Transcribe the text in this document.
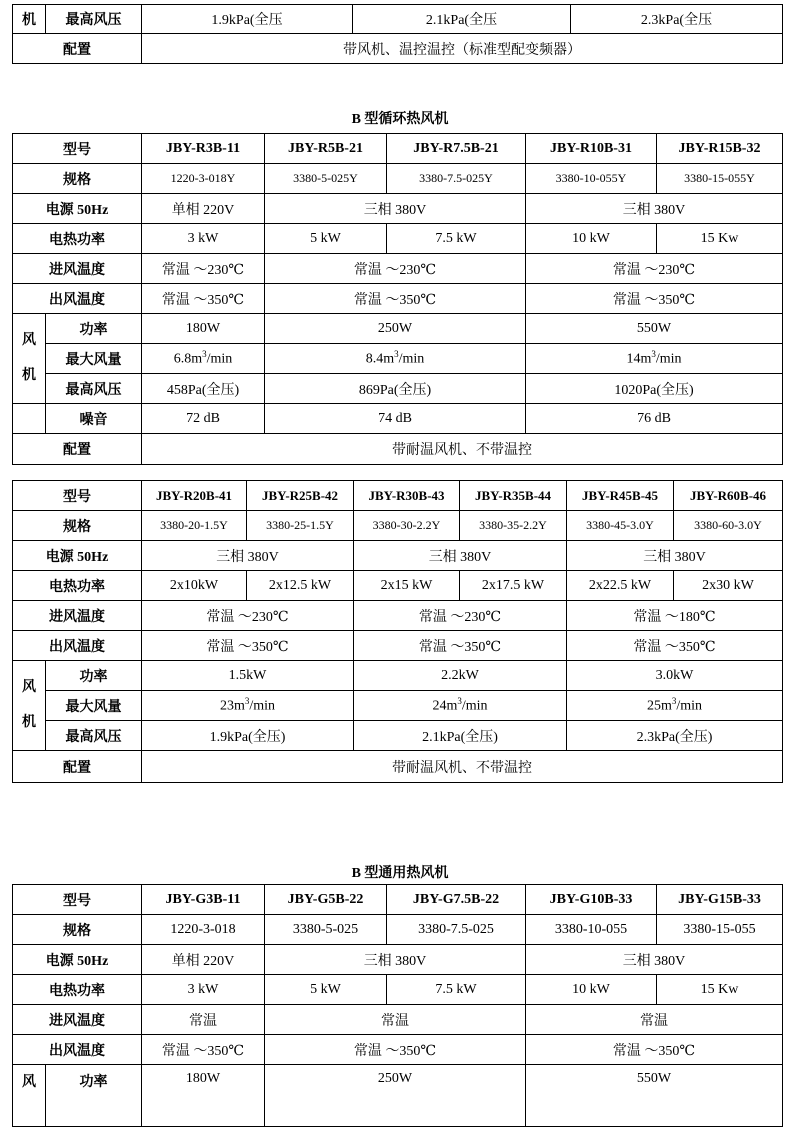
机	最高风压	1.9kPa(全压	2.1kPa(全压	2.3kPa(全压
配置		带风机、温控温控（标准型配变频器）		
B 型循环热风机
型号		JBY-R3B-11	JBY-R5B-21	JBY-R7.5B-21	JBY-R10B-31	JBY-R15B-32
规格		1220-3-018Y	3380-5-025Y	3380-7.5-025Y	3380-10-055Y	3380-15-055Y
电源 50Hz		单相 220V	三相 380V		三相 380V	
电热功率		3 kW	5 kW	7.5 kW	10 kW	15 Kw
进风温度		常温 ～230℃	常温 ～230℃		常温 ～230℃	
出风温度		常温 ～350℃	常温 ～350℃		常温 ～350℃	
风

机	功率	180W	250W		550W	
	最大风量	$6.8m^3/\min$	$8.4m^3/\min$		$14m^3/\min$	
	最高风压	458Pa(全压)	869Pa(全压)		1020Pa(全压)	
	噪音	72 dB	74 dB		76 dB	
配置		带耐温风机、不带温控				
型号		JBY-R20B-41	JBY-R25B-42	JBY-R30B-43	JBY-R35B-44	JBY-R45B-45	JBY-R60B-46
规格		3380-20-1.5Y	3380-25-1.5Y	3380-30-2.2Y	3380-35-2.2Y	3380-45-3.0Y	3380-60-3.0Y
电源 50Hz		三相 380V		三相 380V		三相 380V	
电热功率		2x10kW	2x12.5 kW	2x15 kW	2x17.5 kW	2x22.5 kW	2x30 kW
进风温度		常温 ～230℃		常温 ～230℃		常温 ～180℃	
出风温度		常温 ～350℃		常温 ～350℃		常温 ～350℃	
风

机	功率	1.5kW		2.2kW		3.0kW	
	最大风量	$23m^3/\min$		$24m^3/\min$		$25m^3/\min$	
	最高风压	1.9kPa(全压)		2.1kPa(全压)		2.3kPa(全压)	
配置		带耐温风机、不带温控					
B 型通用热风机
型号		JBY-G3B-11	JBY-G5B-22	JBY-G7.5B-22	JBY-G10B-33	JBY-G15B-33
规格		1220-3-018	3380-5-025	3380-7.5-025	3380-10-055	3380-15-055
电源 50Hz		单相 220V	三相 380V		三相 380V	
电热功率		3 kW	5 kW	7.5 kW	10 kW	15 Kw
进风温度		常温	常温		常温	
出风温度		常温 ～350℃	常温 ～350℃		常温 ～350℃	
风	功率	180W	250W		550W	
